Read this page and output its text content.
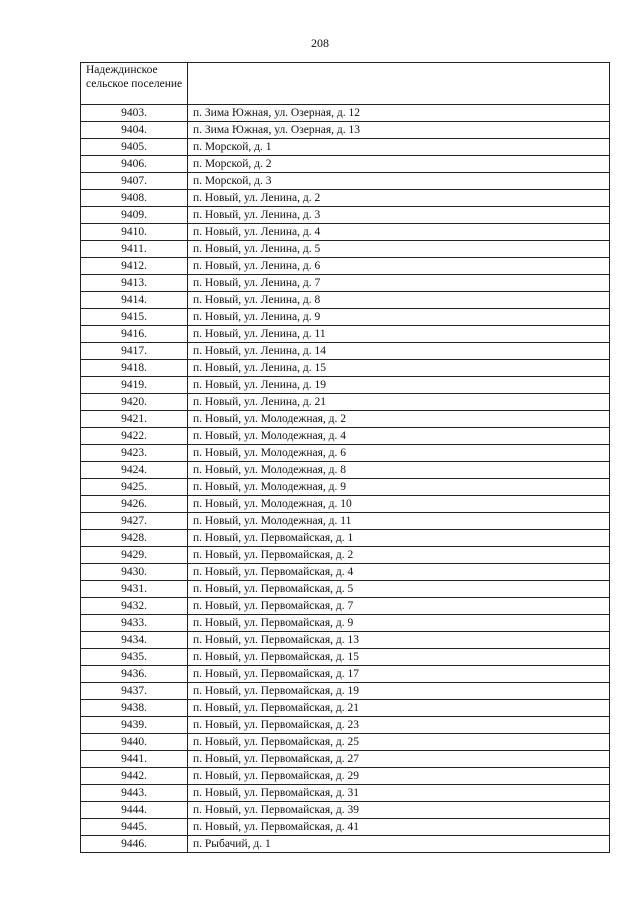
208
Надеждинское сельское поселение	
9403.	п. Зима Южная, ул. Озерная, д. 12
9404.	п. Зима Южная, ул. Озерная, д. 13
9405.	п. Морской, д. 1
9406.	п. Морской, д. 2
9407.	п. Морской, д. 3
9408.	п. Новый, ул. Ленина, д. 2
9409.	п. Новый, ул. Ленина, д. 3
9410.	п. Новый, ул. Ленина, д. 4
9411.	п. Новый, ул. Ленина, д. 5
9412.	п. Новый, ул. Ленина, д. 6
9413.	п. Новый, ул. Ленина, д. 7
9414.	п. Новый, ул. Ленина, д. 8
9415.	п. Новый, ул. Ленина, д. 9
9416.	п. Новый, ул. Ленина, д. 11
9417.	п. Новый, ул. Ленина, д. 14
9418.	п. Новый, ул. Ленина, д. 15
9419.	п. Новый, ул. Ленина, д. 19
9420.	п. Новый, ул. Ленина, д. 21
9421.	п. Новый, ул. Молодежная, д. 2
9422.	п. Новый, ул. Молодежная, д. 4
9423.	п. Новый, ул. Молодежная, д. 6
9424.	п. Новый, ул. Молодежная, д. 8
9425.	п. Новый, ул. Молодежная, д. 9
9426.	п. Новый, ул. Молодежная, д. 10
9427.	п. Новый, ул. Молодежная, д. 11
9428.	п. Новый, ул. Первомайская, д. 1
9429.	п. Новый, ул. Первомайская, д. 2
9430.	п. Новый, ул. Первомайская, д. 4
9431.	п. Новый, ул. Первомайская, д. 5
9432.	п. Новый, ул. Первомайская, д. 7
9433.	п. Новый, ул. Первомайская, д. 9
9434.	п. Новый, ул. Первомайская, д. 13
9435.	п. Новый, ул. Первомайская, д. 15
9436.	п. Новый, ул. Первомайская, д. 17
9437.	п. Новый, ул. Первомайская, д. 19
9438.	п. Новый, ул. Первомайская, д. 21
9439.	п. Новый, ул. Первомайская, д. 23
9440.	п. Новый, ул. Первомайская, д. 25
9441.	п. Новый, ул. Первомайская, д. 27
9442.	п. Новый, ул. Первомайская, д. 29
9443.	п. Новый, ул. Первомайская, д. 31
9444.	п. Новый, ул. Первомайская, д. 39
9445.	п. Новый, ул. Первомайская, д. 41
9446.	п. Рыбачий, д. 1
